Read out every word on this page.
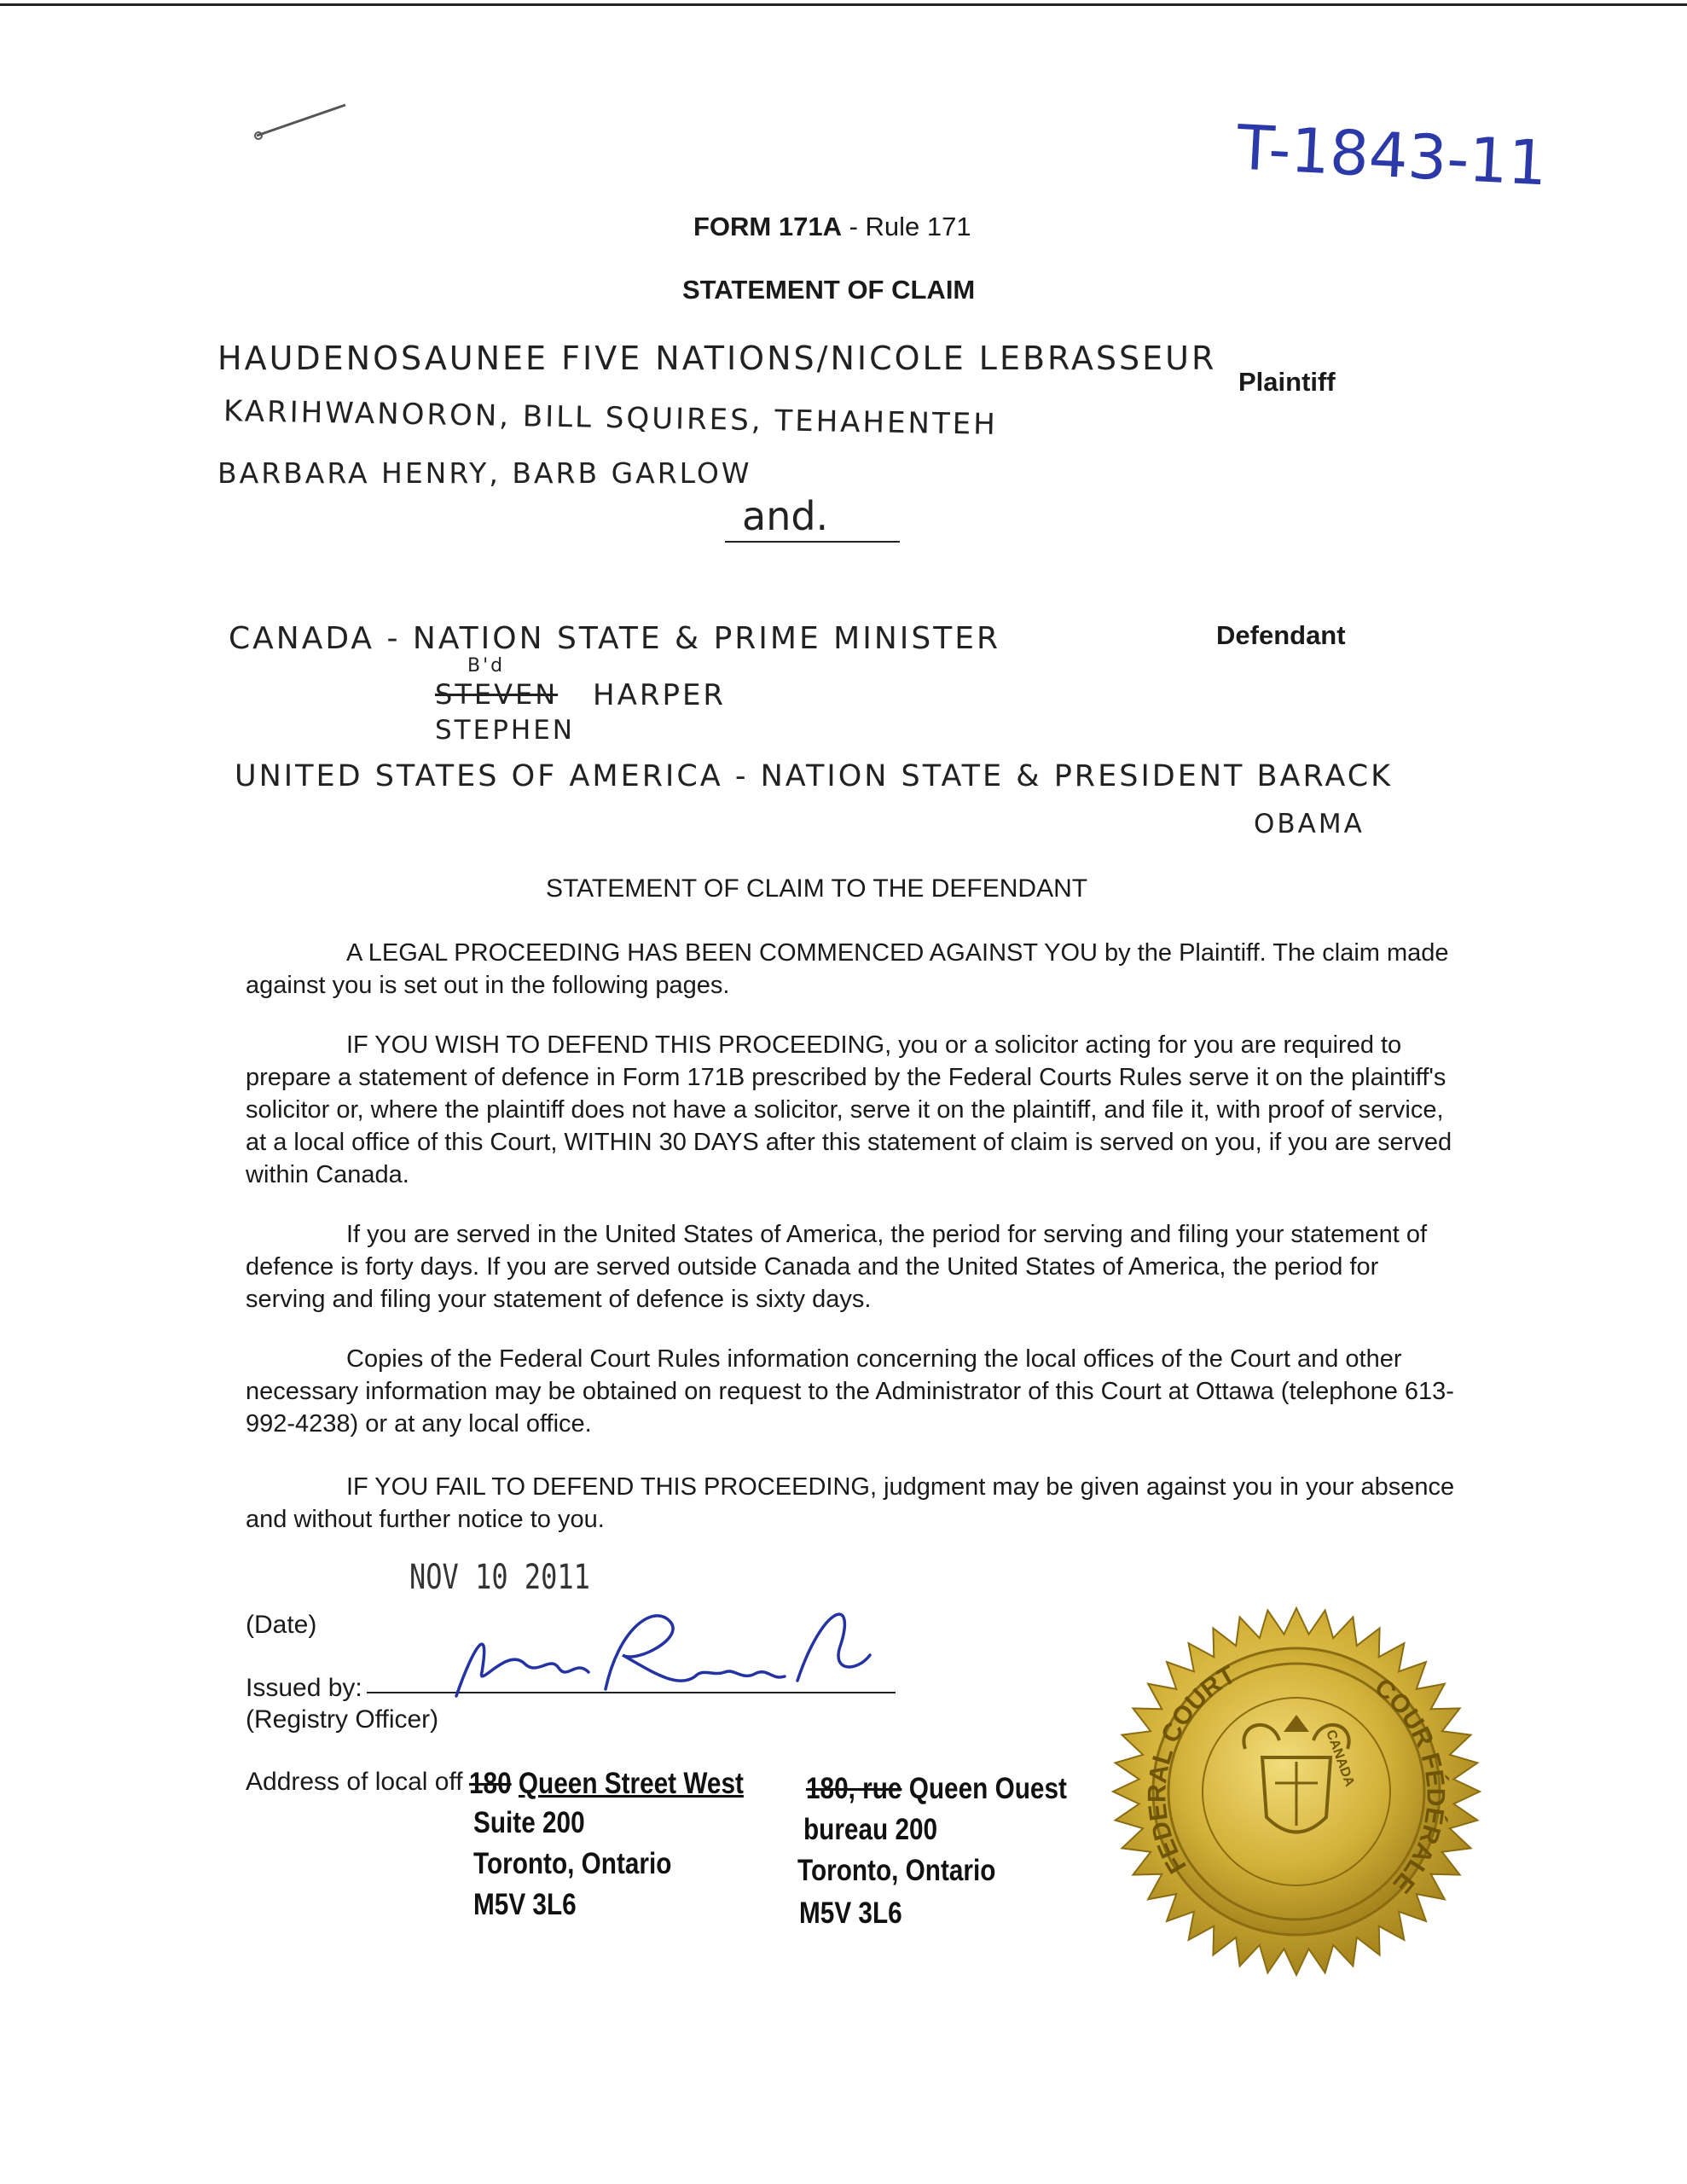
T-1843-11
FORM 171A - Rule 171
STATEMENT OF CLAIM
HAUDENOSAUNEE FIVE NATIONS/NICOLE LEBRASSEUR
Plaintiff
KARIHWANORON, BILL SQUIRES, TEHAHENTEH
BARBARA HENRY, BARB GARLOW
and.
CANADA - NATION STATE & PRIME MINISTER	Defendant
B'd
STEVEN HARPER
STEPHEN
UNITED STATES OF AMERICA - NATION STATE & PRESIDENT BARACK
OBAMA
STATEMENT OF CLAIM TO THE DEFENDANT
A LEGAL PROCEEDING HAS BEEN COMMENCED AGAINST YOU by the Plaintiff. The claim made against you is set out in the following pages.
IF YOU WISH TO DEFEND THIS PROCEEDING, you or a solicitor acting for you are required to prepare a statement of defence in Form 171B prescribed by the Federal Courts Rules serve it on the plaintiff's solicitor or, where the plaintiff does not have a solicitor, serve it on the plaintiff, and file it, with proof of service, at a local office of this Court, WITHIN 30 DAYS after this statement of claim is served on you, if you are served within Canada.
If you are served in the United States of America, the period for serving and filing your statement of defence is forty days. If you are served outside Canada and the United States of America, the period for serving and filing your statement of defence is sixty days.
Copies of the Federal Court Rules information concerning the local offices of the Court and other necessary information may be obtained on request to the Administrator of this Court at Ottawa (telephone 613-992-4238) or at any local office.
IF YOU FAIL TO DEFEND THIS PROCEEDING, judgment may be given against you in your absence and without further notice to you.
NOV 10 2011
(Date)
Issued by:
(Registry Officer)
Address of local off 180 Queen Street West
Suite 200
Toronto, Ontario
M5V 3L6
180, rue Queen Ouest
bureau 200
Toronto, Ontario
M5V 3L6
FEDERAL COURT	COUR FÉDÉRALE
CANADA
